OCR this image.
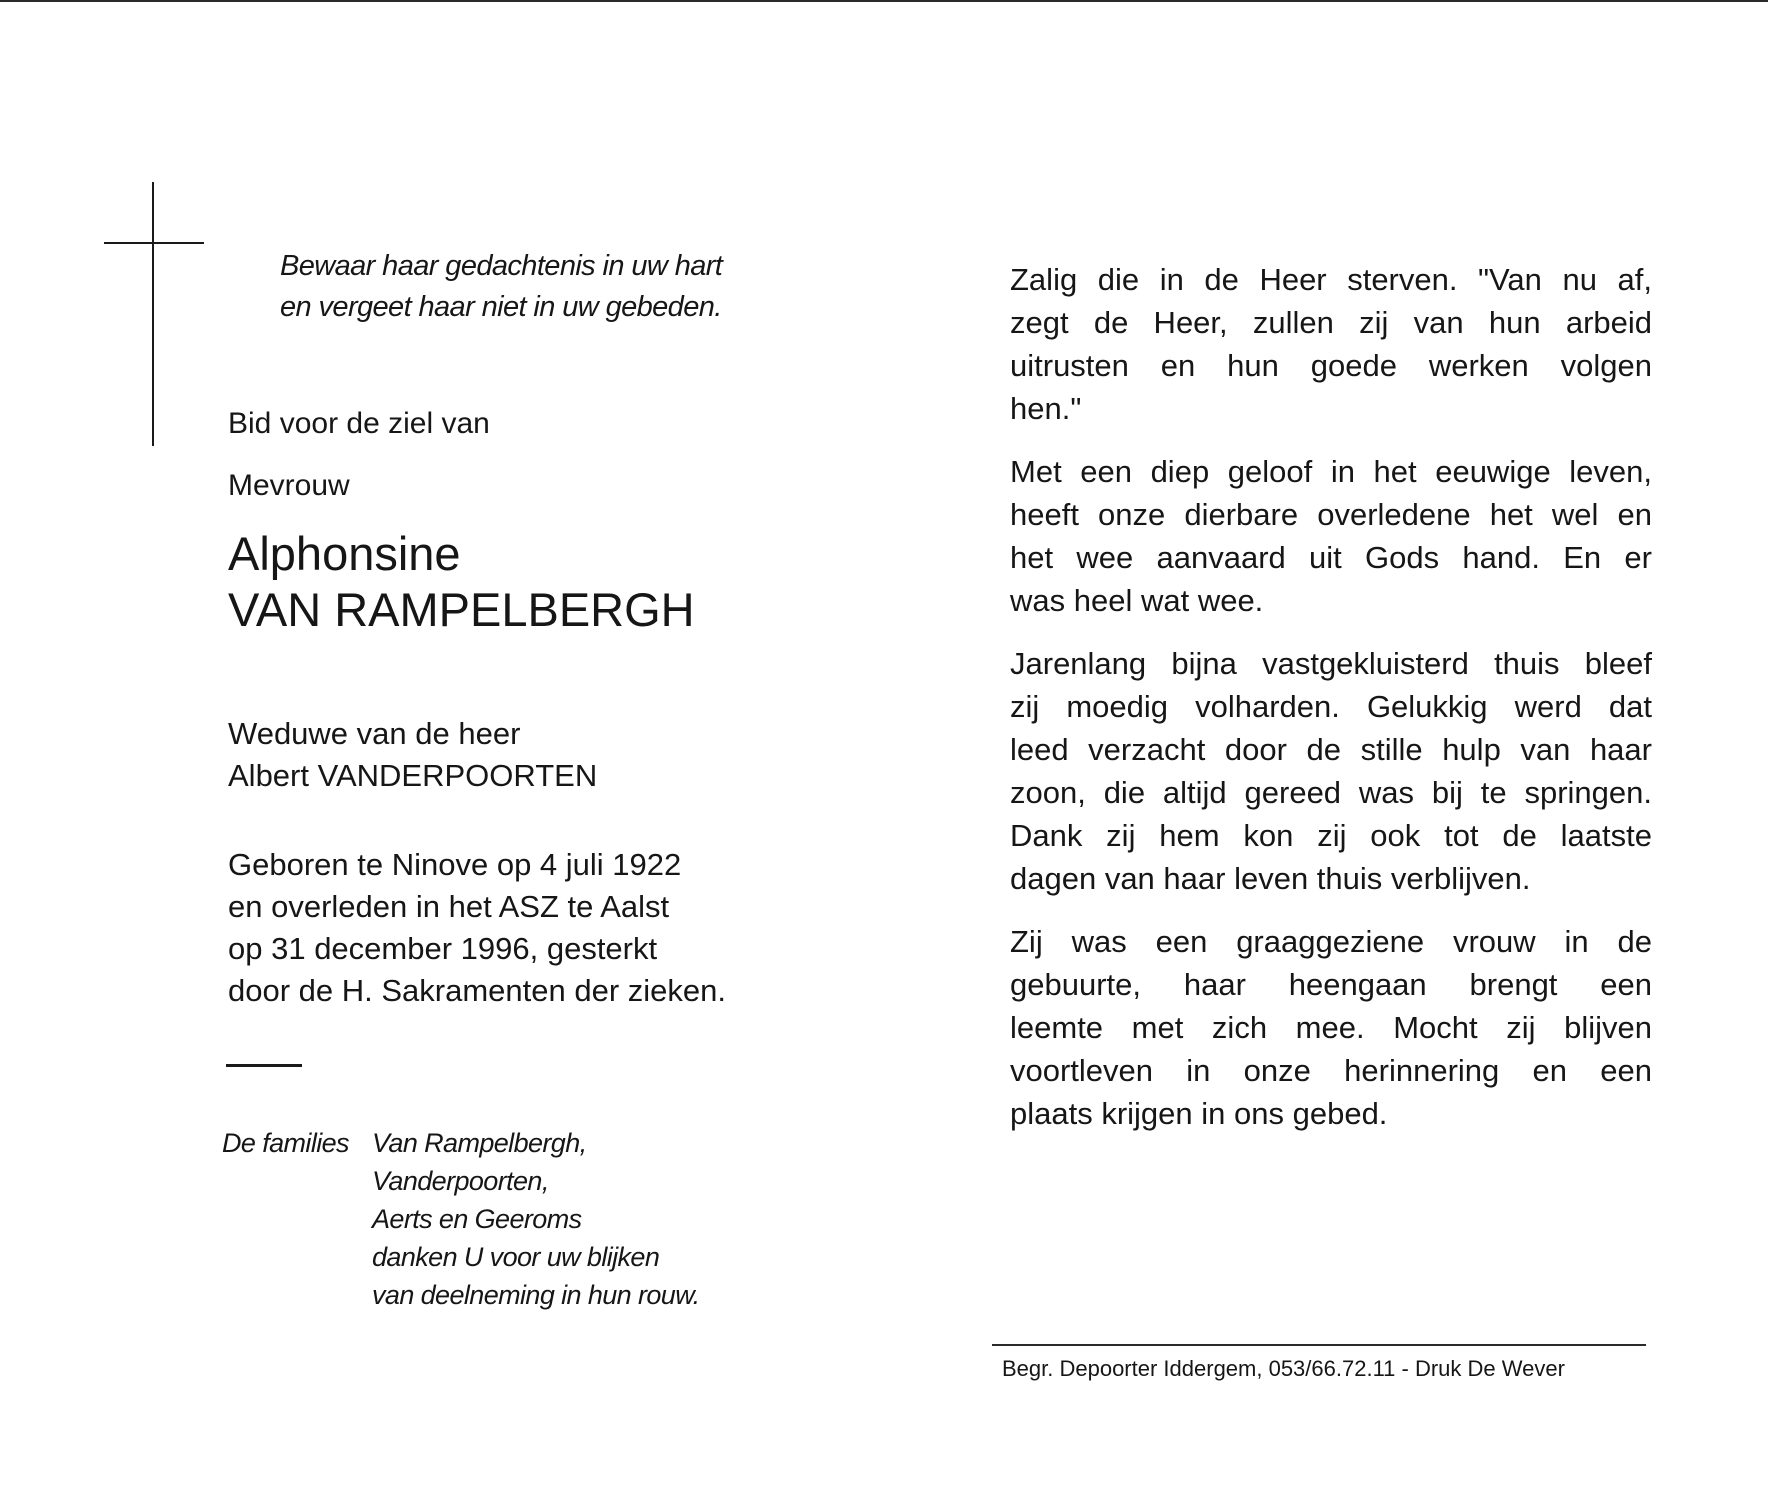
Bewaar haar gedachtenis in uw hart
en vergeet haar niet in uw gebeden.
Bid voor de ziel van
Mevrouw
Alphonsine
VAN RAMPELBERGH
Weduwe van de heer
Albert VANDERPOORTEN
Geboren te Ninove op 4 juli 1922
en overleden in het ASZ te Aalst
op 31 december 1996, gesterkt
door de H. Sakramenten der zieken.
De families Van Rampelbergh,
Vanderpoorten,
Aerts en Geeroms
danken U voor uw blijken
van deelneming in hun rouw.
Zalig die in de Heer sterven. "Van nu af,
zegt de Heer, zullen zij van hun arbeid
uitrusten en hun goede werken volgen
hen."
Met een diep geloof in het eeuwige leven,
heeft onze dierbare overledene het wel en
het wee aanvaard uit Gods hand. En er
was heel wat wee.
Jarenlang bijna vastgekluisterd thuis bleef
zij moedig volharden. Gelukkig werd dat
leed verzacht door de stille hulp van haar
zoon, die altijd gereed was bij te springen.
Dank zij hem kon zij ook tot de laatste
dagen van haar leven thuis verblijven.
Zij was een graaggeziene vrouw in de
gebuurte, haar heengaan brengt een
leemte met zich mee. Mocht zij blijven
voortleven in onze herinnering en een
plaats krijgen in ons gebed.
Begr. Depoorter Iddergem, 053/66.72.11 - Druk De Wever
